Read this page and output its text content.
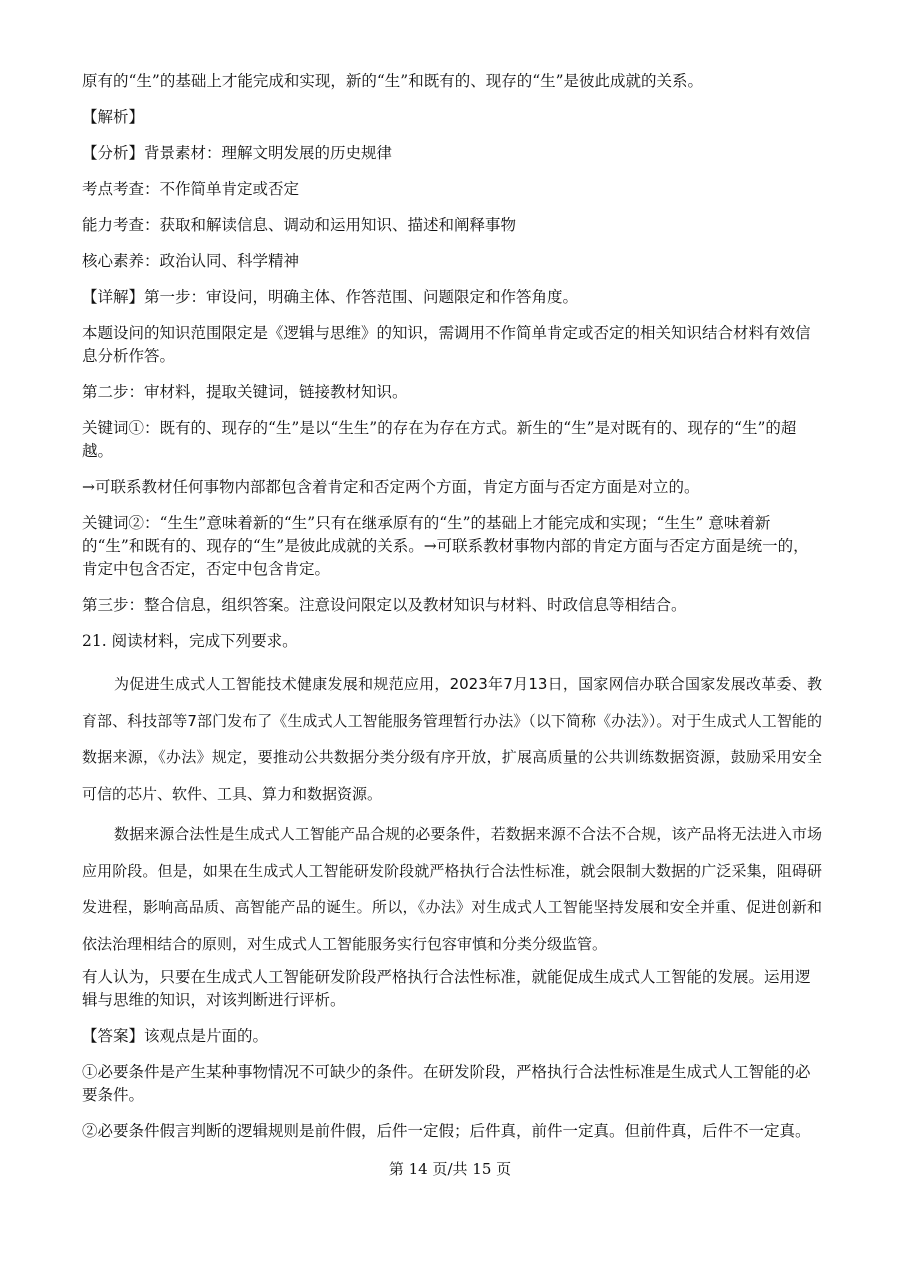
原有的“生”的基础上才能完成和实现，新的“生”和既有的、现存的“生”是彼此成就的关系。

【解析】

【分析】背景素材：理解文明发展的历史规律

考点考查：不作简单肯定或否定

能力考查：获取和解读信息、调动和运用知识、描述和阐释事物

核心素养：政治认同、科学精神

【详解】第一步：审设问，明确主体、作答范围、问题限定和作答角度。

本题设问的知识范围限定是《逻辑与思维》的知识，需调用不作简单肯定或否定的相关知识结合材料有效信息分析作答。

第二步：审材料，提取关键词，链接教材知识。

关键词①：既有的、现存的“生”是以“生生”的存在为存在方式。新生的“生”是对既有的、现存的“生”的超越。

→可联系教材任何事物内部都包含着肯定和否定两个方面，肯定方面与否定方面是对立的。

关键词②：“生生”意味着新的“生”只有在继承原有的“生”的基础上才能完成和实现；“生生” 意味着新的“生”和既有的、现存的“生”是彼此成就的关系。→可联系教材事物内部的肯定方面与否定方面是统一的，肯定中包含否定，否定中包含肯定。

第三步：整合信息，组织答案。注意设问限定以及教材知识与材料、时政信息等相结合。

21. 阅读材料，完成下列要求。

为促进生成式人工智能技术健康发展和规范应用，2023年7月13日，国家网信办联合国家发展改革委、教育部、科技部等7部门发布了《生成式人工智能服务管理暂行办法》（以下简称《办法》）。对于生成式人工智能的数据来源，《办法》规定，要推动公共数据分类分级有序开放，扩展高质量的公共训练数据资源，鼓励采用安全可信的芯片、软件、工具、算力和数据资源。

数据来源合法性是生成式人工智能产品合规的必要条件，若数据来源不合法不合规，该产品将无法进入市场应用阶段。但是，如果在生成式人工智能研发阶段就严格执行合法性标准，就会限制大数据的广泛采集，阻碍研发进程，影响高品质、高智能产品的诞生。所以，《办法》对生成式人工智能坚持发展和安全并重、促进创新和依法治理相结合的原则，对生成式人工智能服务实行包容审慎和分类分级监管。

有人认为，只要在生成式人工智能研发阶段严格执行合法性标准，就能促成生成式人工智能的发展。运用逻辑与思维的知识，对该判断进行评析。

【答案】该观点是片面的。

①必要条件是产生某种事物情况不可缺少的条件。在研发阶段，严格执行合法性标准是生成式人工智能的必要条件。

②必要条件假言判断的逻辑规则是前件假，后件一定假；后件真，前件一定真。但前件真，后件不一定真。

第 14 页/共 15 页
